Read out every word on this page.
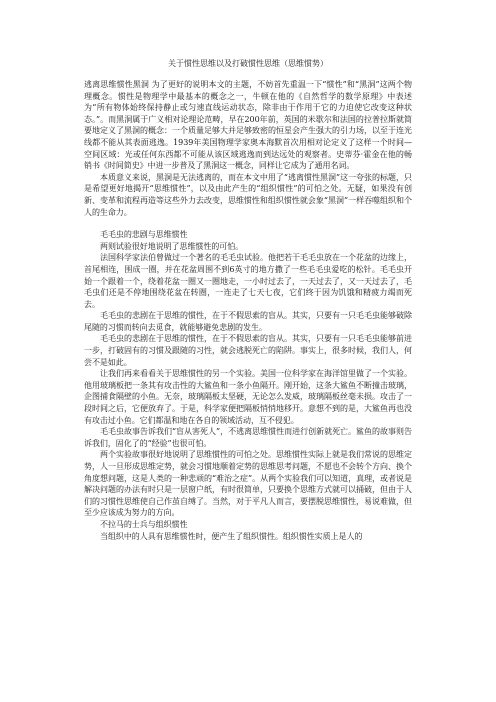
关于惯性思维以及打破惯性思维（思维惯势）

逃离思维惯性黑洞 为了更好的说明本文的主题，不妨首先重温一下“惯性”和“黑洞”这两个物理概念。惯性是物理学中最基本的概念之一，牛顿在他的《自然哲学的数学原理》中表述为“所有物体始终保持静止或匀速直线运动状态，除非由于作用于它的力迫使它改变这种状态。”。而黑洞属于广义相对论理论范畴，早在200年前，英国的米歇尔和法国的拉普拉斯就简要地定义了黑洞的概念：一个质量足够大并足够致密的恒星会产生强大的引力场，以至于连光线都不能从其表面逃逸。1939年美国物理学家奥本海默首次用相对论定义了这样一个时间—空间区域：光或任何东西都不可能从该区域逃逸而到达远处的观察者。史蒂芬·霍金在他的畅销书《时间简史》中进一步普及了黑洞这一概念，同样让它成为了通用名词。

本质意义来说，黑洞是无法逃离的，而在本文中用了“逃离惯性黑洞”这一夸张的标题，只是希望更好地揭开“思维惯性”，以及由此产生的“组织惯性”的可怕之处。无疑，如果没有创新、变革和流程再造等这些外力去改变，思维惯性和组织惯性就会象“黑洞”一样吞噬组织和个人的生命力。

毛毛虫的悲剧与思维惯性

两则试验很好地说明了思维惯性的可怕。

法国科学家法伯曾做过一个著名的毛毛虫试验。他把若干毛毛虫放在一个花盆的边缘上，首尾相连，围成一圈，并在花盆周围不到6英寸的地方撒了一些毛毛虫爱吃的松针。毛毛虫开始一个跟着一个，绕着花盆一圈又一圈地走，一小时过去了，一天过去了，又一天过去了，毛毛虫们还是不停地围绕花盆在转圈，一连走了七天七夜，它们终于因为饥饿和精疲力竭而死去。

毛毛虫的悲剧在于思维的惯性，在于不假思索的盲从。其实，只要有一只毛毛虫能够破除尾随的习惯而转向去觅食，就能够避免悲剧的发生。

毛毛虫的悲剧在于思维的惯性，在于不假思索的盲从。其实，只要有一只毛毛虫能够前进一步，打破固有的习惯及跟随的习性，就会逃脱死亡的陷阱。事实上，很多时候，我们人，何尝不是如此。

让我们再来看看关于思维惯性的另一个实验。美国一位科学家在海洋馆里做了一个实验。他用玻璃板把一条其有攻击性的大鲨鱼和一条小鱼隔开。刚开始，这条大鲨鱼不断撞击玻璃，企图捕食隔壁的小鱼。无奈，玻璃隔板太坚硬，无论怎么发威，玻璃隔板丝毫未损。攻击了一段时间之后，它便放弃了。于是，科学家便把隔板悄悄地移开。意想不到的是，大鲨鱼再也没有攻击过小鱼。它们都温和地在各自的领域活动，互不侵犯。

毛毛虫故事告诉我们“盲从害死人”，不逃离思维惯性而进行创新就死亡。鲨鱼的故事则告诉我们，固化了的“经验”也很可怕。

两个实验故事很好地说明了思维惯性的可怕之处。思维惯性实际上就是我们常说的思维定势，人一旦形成思维定势，就会习惯地顺着定势的思维思考问题，不愿也不会转个方向、换个角度想问题，这是人类的一种悲顽的“难治之症”。从两个实验我们可以知道，真理，或者说是解决问题的办法有时只是一层窗户纸，有时很简单，只要换个思维方式就可以捅破，但由于人们的习惯性思维使自己作茧自缚了。当然，对于平凡人而言，要摆脱思维惯性，易说难做，但至少应该成为努力的方向。

不拉马的士兵与组织惯性

当组织中的人具有思维惯性时，便产生了组织惯性。组织惯性实质上是人的
